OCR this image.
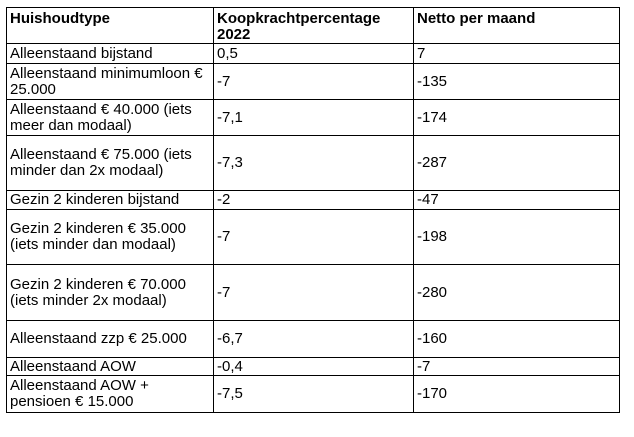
Huishoudtype	Koopkrachtpercentage 2022	Netto per maand
Alleenstaand bijstand	0,5	7
Alleenstaand minimumloon € 25.000	-7	-135
Alleenstaand € 40.000 (iets meer dan modaal)	-7,1	-174
Alleenstaand € 75.000 (iets minder dan 2x modaal)	-7,3	-287
Gezin 2 kinderen bijstand	-2	-47
Gezin 2 kinderen € 35.000 (iets minder dan modaal)	-7	-198
Gezin 2 kinderen € 70.000 (iets minder 2x modaal)	-7	-280
Alleenstaand zzp € 25.000	-6,7	-160
Alleenstaand AOW	-0,4	-7
Alleenstaand AOW + pensioen € 15.000	-7,5	-170
